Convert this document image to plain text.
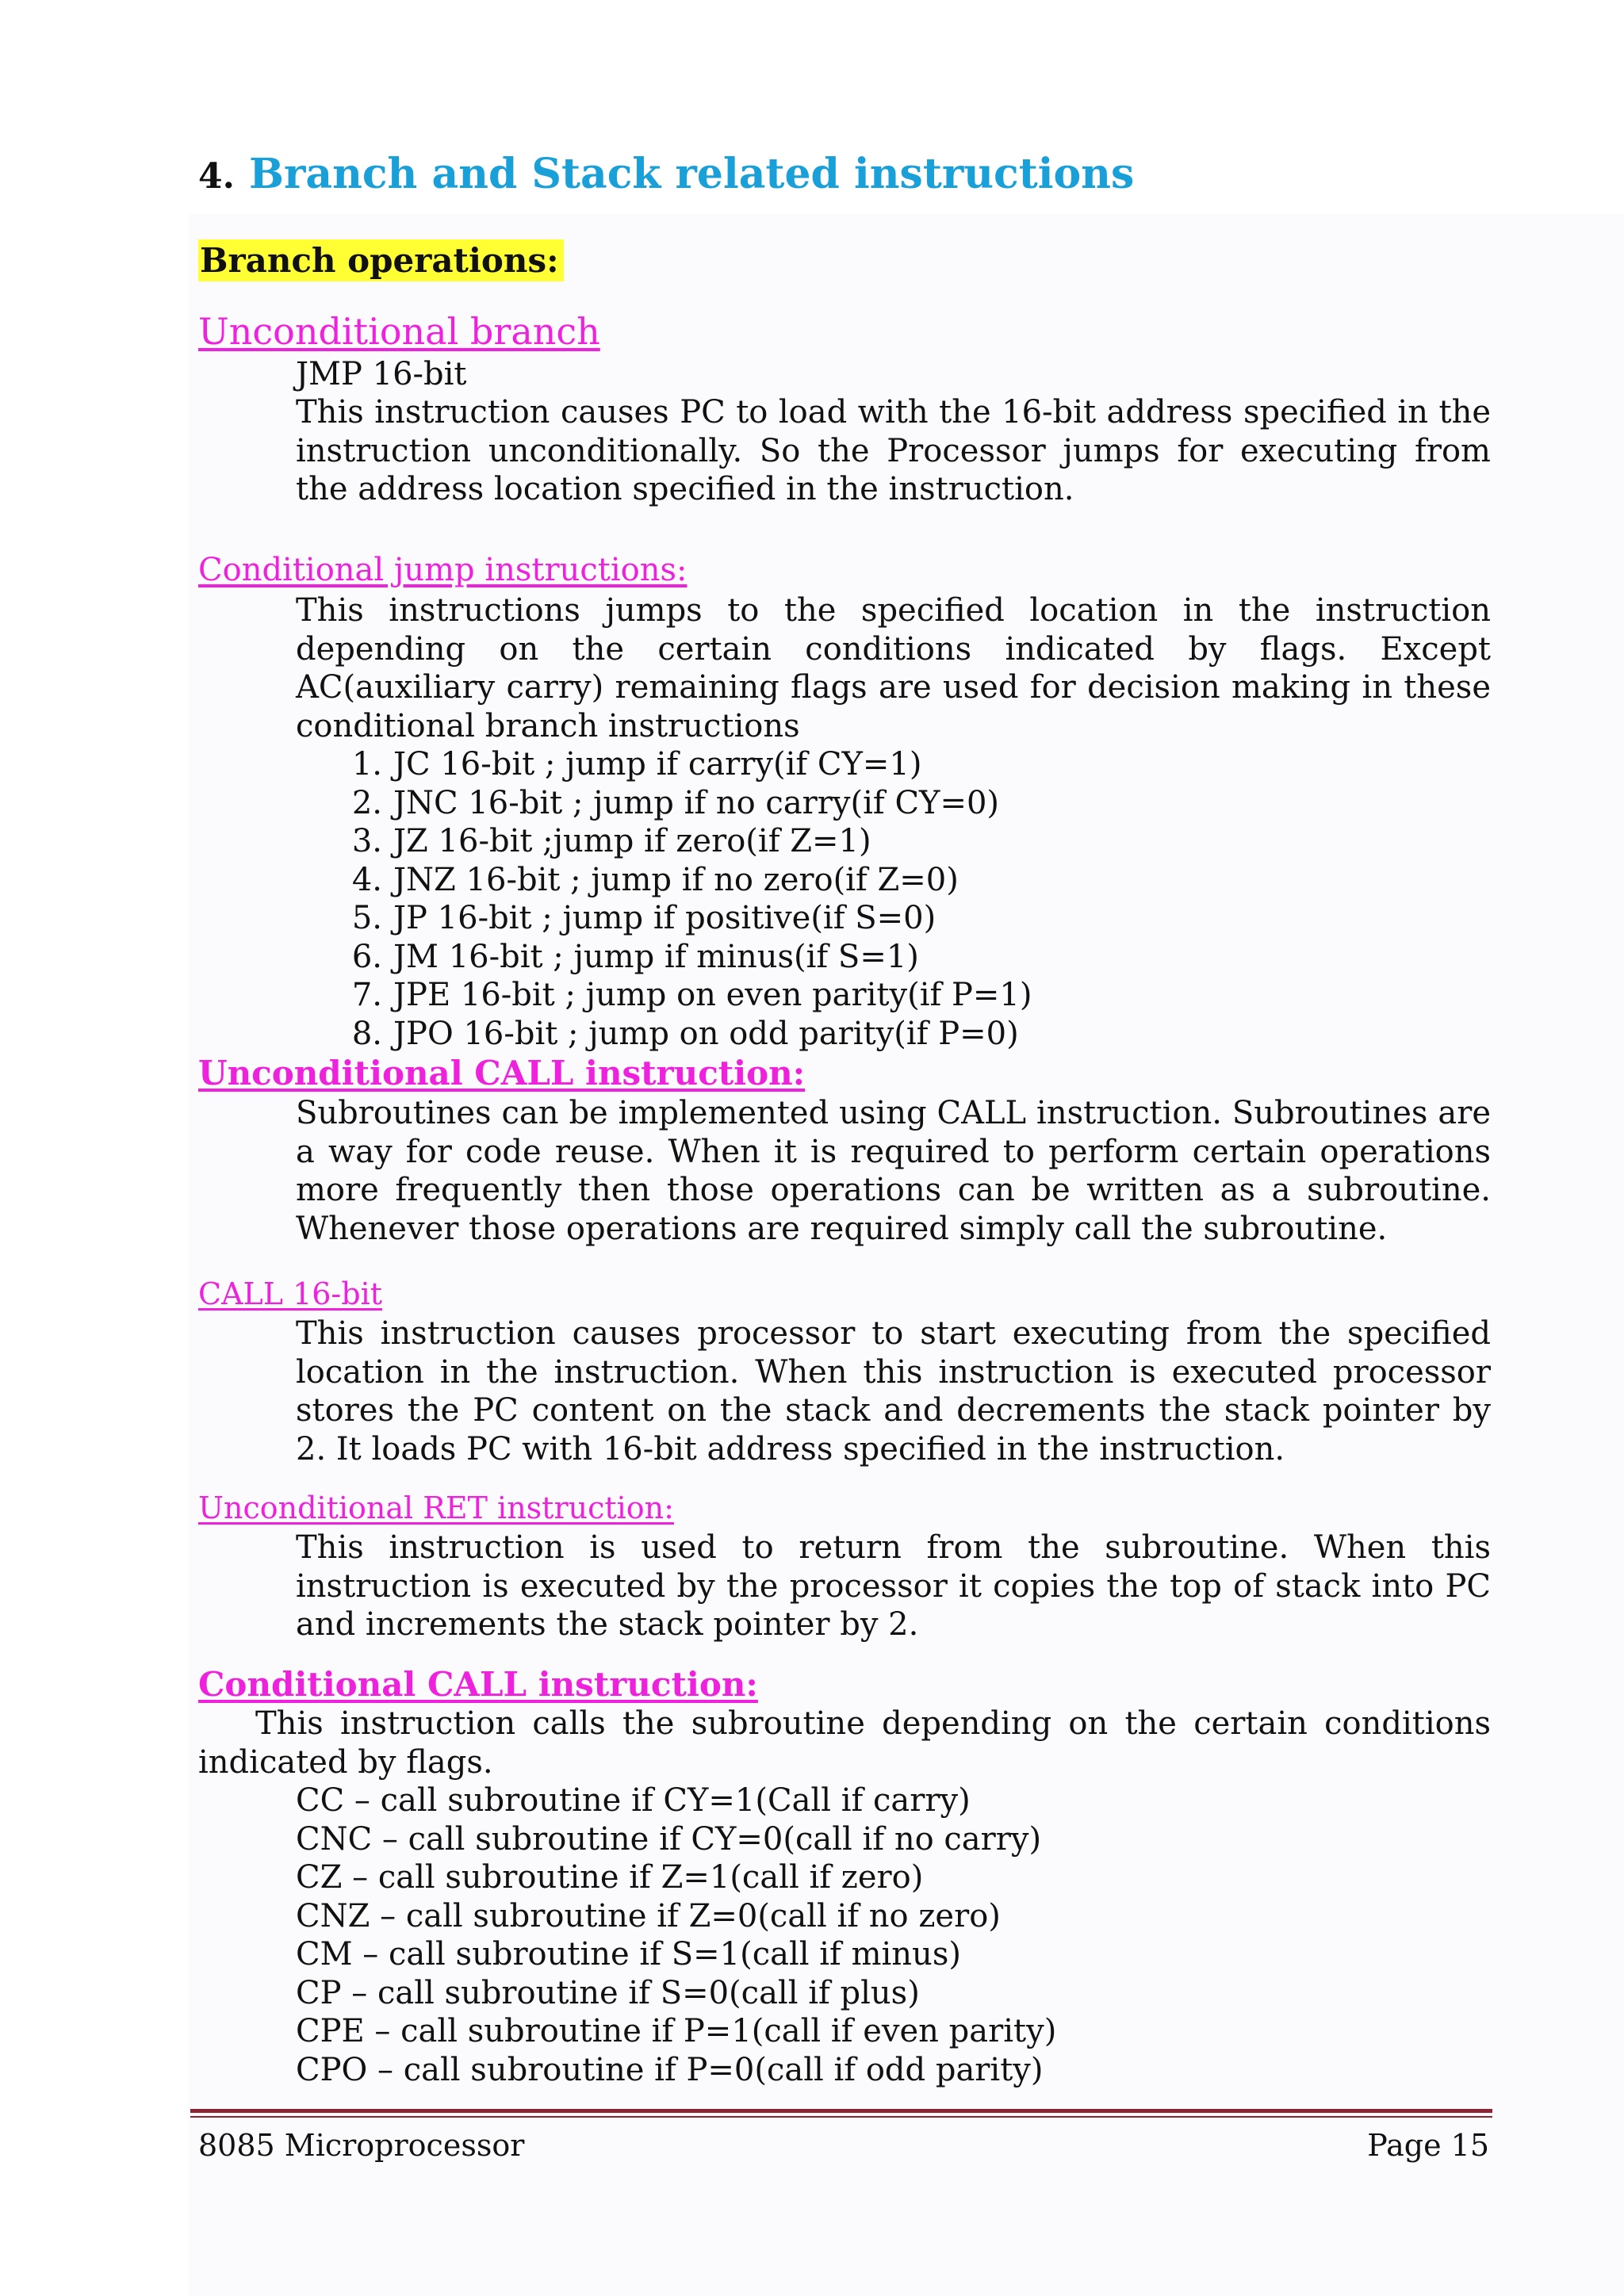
4. Branch and Stack related instructions
Branch operations:
Unconditional branch
JMP 16-bit
This instruction causes PC to load with the 16-bit address specified in the instruction unconditionally. So the Processor jumps for executing from the address location specified in the instruction.
Conditional jump instructions:
This instructions jumps to the specified location in the instruction depending on the certain conditions indicated by flags. Except AC(auxiliary carry) remaining flags are used for decision making in these conditional branch instructions
1. JC 16-bit ; jump if carry(if CY=1)
2. JNC 16-bit ; jump if no carry(if CY=0)
3. JZ 16-bit ;jump if zero(if Z=1)
4. JNZ 16-bit ; jump if no zero(if Z=0)
5. JP 16-bit ; jump if positive(if S=0)
6. JM 16-bit ; jump if minus(if S=1)
7. JPE 16-bit ; jump on even parity(if P=1)
8. JPO 16-bit ; jump on odd parity(if P=0)
Unconditional CALL instruction:
Subroutines can be implemented using CALL instruction. Subroutines are a way for code reuse. When it is required to perform certain operations more frequently then those operations can be written as a subroutine. Whenever those operations are required simply call the subroutine.
CALL 16-bit
This instruction causes processor to start executing from the specified location in the instruction. When this instruction is executed processor stores the PC content on the stack and decrements the stack pointer by 2. It loads PC with 16-bit address specified in the instruction.
Unconditional RET instruction:
This instruction is used to return from the subroutine. When this instruction is executed by the processor it copies the top of stack into PC and increments the stack pointer by 2.
Conditional CALL instruction:
This instruction calls the subroutine depending on the certain conditions indicated by flags.
CC – call subroutine if CY=1(Call if carry)
CNC – call subroutine if CY=0(call if no carry)
CZ – call subroutine if Z=1(call if zero)
CNZ – call subroutine if Z=0(call if no zero)
CM – call subroutine if S=1(call if minus)
CP – call subroutine if S=0(call if plus)
CPE – call subroutine if P=1(call if even parity)
CPO – call subroutine if P=0(call if odd parity)
8085 Microprocessor	Page 15
